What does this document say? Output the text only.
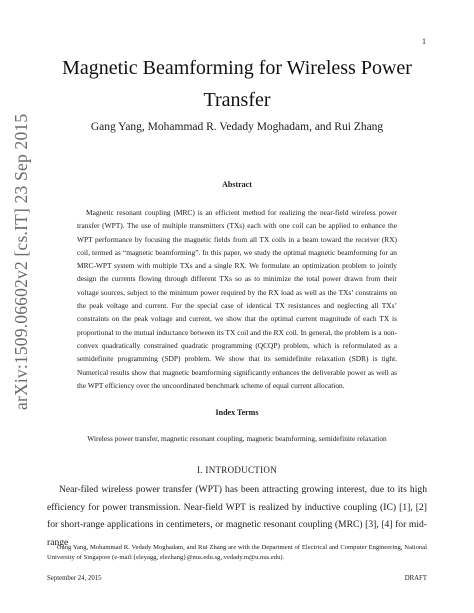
1
arXiv:1509.06602v2 [cs.IT] 23 Sep 2015
Magnetic Beamforming for Wireless Power Transfer
Gang Yang, Mohammad R. Vedady Moghadam, and Rui Zhang
Abstract

Magnetic resonant coupling (MRC) is an efficient method for realizing the near-field wireless power transfer (WPT). The use of multiple transmitters (TXs) each with one coil can be applied to enhance the WPT performance by focusing the magnetic fields from all TX coils in a beam toward the receiver (RX) coil, termed as “magnetic beamforming”. In this paper, we study the optimal magnetic beamforming for an MRC-WPT system with multiple TXs and a single RX. We formulate an optimization problem to jointly design the currents flowing through different TXs so as to minimize the total power drawn from their voltage sources, subject to the minimum power required by the RX load as well as the TXs’ constraints on the peak voltage and current. For the special case of identical TX resistances and neglecting all TXs’ constraints on the peak voltage and current, we show that the optimal current magnitude of each TX is proportional to the mutual inductance between its TX coil and the RX coil. In general, the problem is a non-convex quadratically constrained quadratic programming (QCQP) problem, which is reformulated as a semidefinite programming (SDP) problem. We show that its semidefinite relaxation (SDR) is tight. Numerical results show that magnetic beamforming significantly enhances the deliverable power as well as the WPT efficiency over the uncoordinated benchmark scheme of equal current allocation.

Index Terms
Wireless power transfer, magnetic resonant coupling, magnetic beamforming, semidefinite relaxation
I. INTRODUCTION

Near-filed wireless power transfer (WPT) has been attracting growing interest, due to its high efficiency for power transmission. Near-field WPT is realized by inductive coupling (IC) [1], [2] for short-range applications in centimeters, or magnetic resonant coupling (MRC) [3], [4] for mid-range

Gang Yang, Mohammad R. Vedady Moghadam, and Rui Zhang are with the Department of Electrical and Computer Engineering, National University of Singapore (e-mail:{eleyagg, elezhang}@nus.edu.sg, vedady.m@u.nus.edu).

September 24, 2015	DRAFT
